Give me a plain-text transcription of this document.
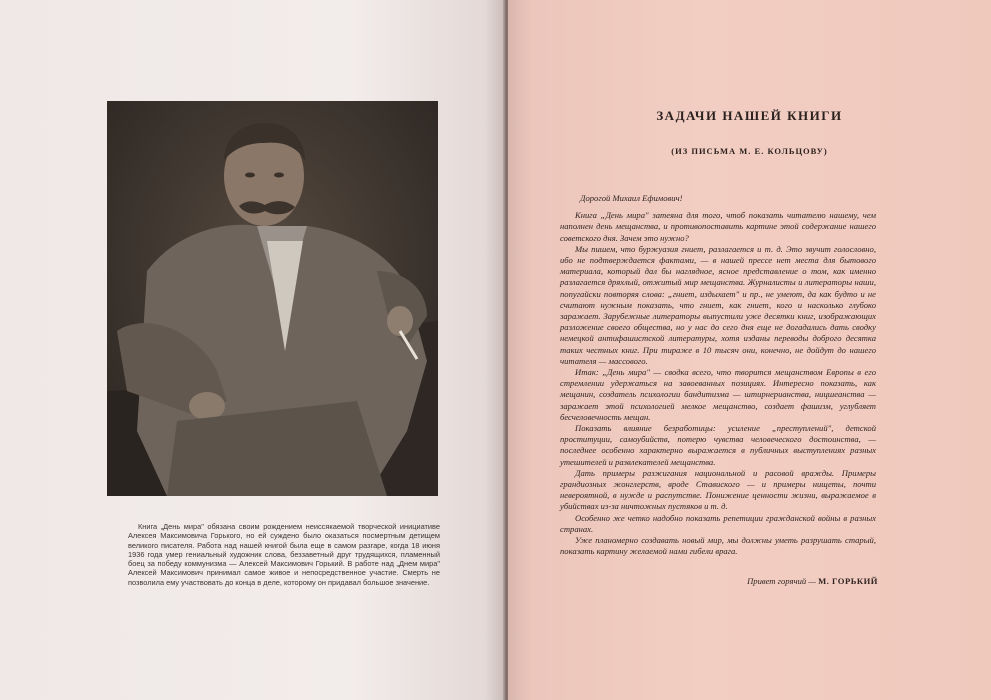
Книга „День мира" обязана своим рождением неиссякаемой творческой инициативе Алексея Максимовича Горького, но ей суждено было оказаться посмертным детищем великого писателя. Работа над нашей книгой была еще в самом разгаре, когда 18 июня 1936 года умер гениальный художник слова, беззаветный друг трудящихся, пламенный боец за победу коммунизма — Алексей Максимович Горький. В работе над „Днем мира" Алексей Максимович принимал самое живое и непосредственное участие. Смерть не позволила ему участвовать до конца в деле, которому он придавал большое значение.
ЗАДАЧИ НАШЕЙ КНИГИ
(ИЗ ПИСЬМА М. Е. КОЛЬЦОВУ)

Дорогой Михаил Ефимович!

Книга „День мира" затеяна для того, чтоб показать читателю нашему, чем наполнен день мещанства, и противопоставить картине этой содержание нашего советского дня. Зачем это нужно?

Мы пишем, что буржуазия гниет, разлагается и т. д. Это звучит голословно, ибо не подтверждается фактами, — в нашей прессе нет места для бытового материала, который дал бы наглядное, ясное представление о том, как именно разлагается дряхлый, отжитый мир мещанства. Журналисты и литераторы наши, попугайски повторяя слова: „гниет, издыхает" и пр., не умеют, да как будто и не считают нужным показать, что гниет, как гниет, кого и насколько глубоко заражает. Зарубежные литераторы выпустили уже десятки книг, изображающих разложение своего общества, но у нас до сего дня еще не догадались дать сводку немецкой антифашистской литературы, хотя изданы переводы доброго десятка таких честных книг. При тираже в 10 тысяч они, конечно, не дойдут до нашего читателя — массового.

Итак: „День мира" — сводка всего, что творится мещанством Европы в его стремлении удержаться на завоеванных позициях. Интересно показать, как мещанин, создатель психологии бандитизма — штирнерианства, ницшеанства — заражает этой психологией мелкое мещанство, создает фашизм, углубляет бесчеловечность мещан.

Показать влияние безработицы: усиление „преступлений", детской проституции, самоубийств, потерю чувства человеческого достоинства, — последнее особенно характерно выражается в публичных выступлениях разных утешителей и развлекателей мещанства.

Дать примеры разжигания национальной и расовой вражды. Примеры грандиозных жонглерств, вроде Ставиского — и примеры нищеты, почти невероятной, в нужде и распутстве. Понижение ценности жизни, выражаемое в убийствах из-за ничтожных пустяков и т. д.

Особенно же четко надобно показать репетиции гражданской войны в разных странах.

Уже планомерно создавать новый мир, мы должны уметь разрушать старый, показать картину желаемой нами гибели врага.

Привет горячий — М. ГОРЬКИЙ
